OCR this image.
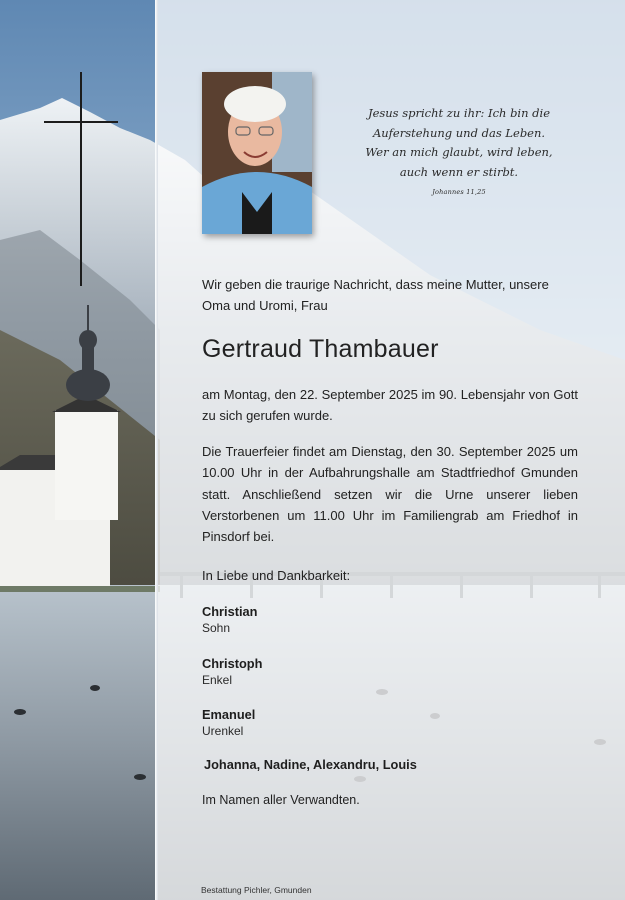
Jesus spricht zu ihr: Ich bin die
Auferstehung und das Leben.
Wer an mich glaubt, wird leben,
auch wenn er stirbt.
Johannes 11,25
Wir geben die traurige Nachricht, dass meine Mutter, unsere Oma und Uromi, Frau
Gertraud Thambauer
am Montag, den 22. September 2025 im 90. Lebensjahr von Gott zu sich gerufen wurde.
Die Trauerfeier findet am Dienstag, den 30. September 2025 um 10.00 Uhr in der Aufbahrungshalle am Stadtfriedhof Gmunden statt. Anschließend setzen wir die Urne unserer lieben Verstorbenen um 11.00 Uhr im Familiengrab am Friedhof in Pinsdorf bei.
In Liebe und Dankbarkeit:
Christian
Sohn
Christoph
Enkel
Emanuel
Urenkel
Johanna, Nadine, Alexandru, Louis
Im Namen aller Verwandten.
Bestattung Pichler, Gmunden
